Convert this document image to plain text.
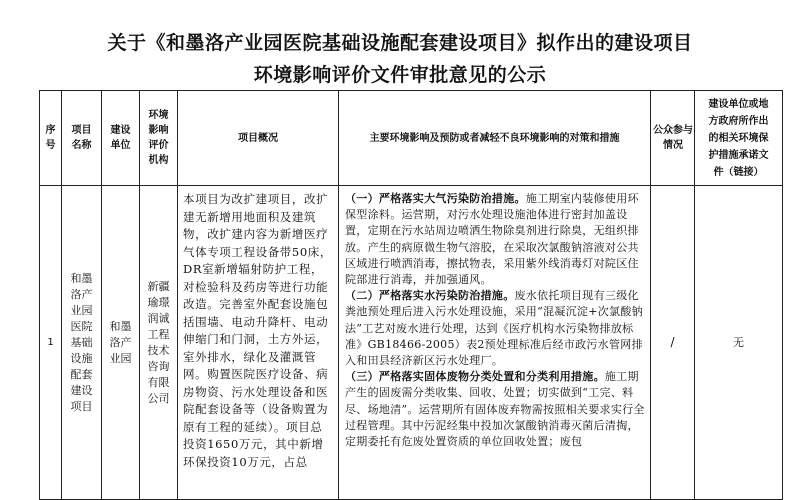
关于《和墨洛产业园医院基础设施配套建设项目》拟作出的建设项目
环境影响评价文件审批意见的公示
序号	项目名称	建设单位	环境影响评价机构	项目概况	主要环境影响及预防或者减轻不良环境影响的对策和措施	公众参与情况	建设单位或地方政府所作出的相关环境保护措施承诺文件（链接）

1	和墨洛产业园医院基础设施配套建设项目	和墨洛产业园	新疆瑜璟润诚工程技术咨询有限公司	本项目为改扩建项目，改扩建无新增用地面积及建筑物，改扩建内容为新增医疗气体专项工程设备带50床，DR室新增辐射防护工程，对检验科及药房等进行功能改造。完善室外配套设施包括围墙、电动升降杆、电动伸缩门和门洞，土方外运，室外排水，绿化及灌溉管网。购置医院医疗设备、病房物资、污水处理设备和医院配套设备等（设备购置为原有工程的延续）。项目总投资1650万元，其中新增环保投资10万元，占总	（一）严格落实大气污染防治措施。施工期室内装修使用环保型涂料。运营期，对污水处理设施池体进行密封加盖设置，定期在污水站周边喷洒生物除臭剂进行除臭，无组织排放。产生的病原微生物气溶胶，在采取次氯酸钠溶液对公共区域进行喷洒消毒，擦拭物表，采用紫外线消毒灯对院区住院部进行消毒，并加强通风。
（二）严格落实水污染防治措施。废水依托项目现有三级化粪池预处理后进入污水处理设施，采用“混凝沉淀+次氯酸钠法”工艺对废水进行处理，达到《医疗机构水污染物排放标准》GB18466-2005）表2预处理标准后经市政污水管网排入和田县经济新区污水处理厂。
（三）严格落实固体废物分类处置和分类利用措施。施工期产生的固废需分类收集、回收、处置；切实做到“工完、料尽、场地清”。运营期所有固体废弃物需按照相关要求实行全过程管理。其中污泥经集中投加次氯酸钠消毒灭菌后清掏，定期委托有危废处置资质的单位回收处置；废包	/	无
